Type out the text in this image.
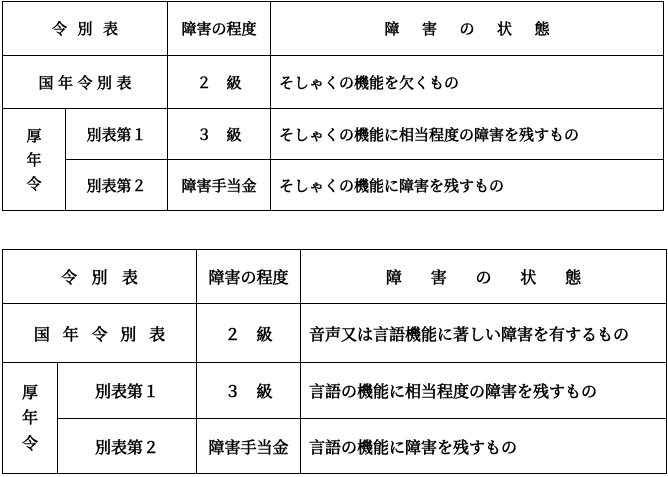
令別表		障害の程度	障害の状態
国年令別表		２　級	そしゃくの機能を欠くもの

厚年令	別表第１	３　級	そしゃくの機能に相当程度の障害を残すもの
	別表第２	障害手当金	そしゃくの機能に障害を残すもの
令別表		障害の程度	障害の状態
国年令別表		２　級	音声又は言語機能に著しい障害を有するもの

厚年令	別表第１	３　級	言語の機能に相当程度の障害を残すもの
	別表第２	障害手当金	言語の機能に障害を残すもの
